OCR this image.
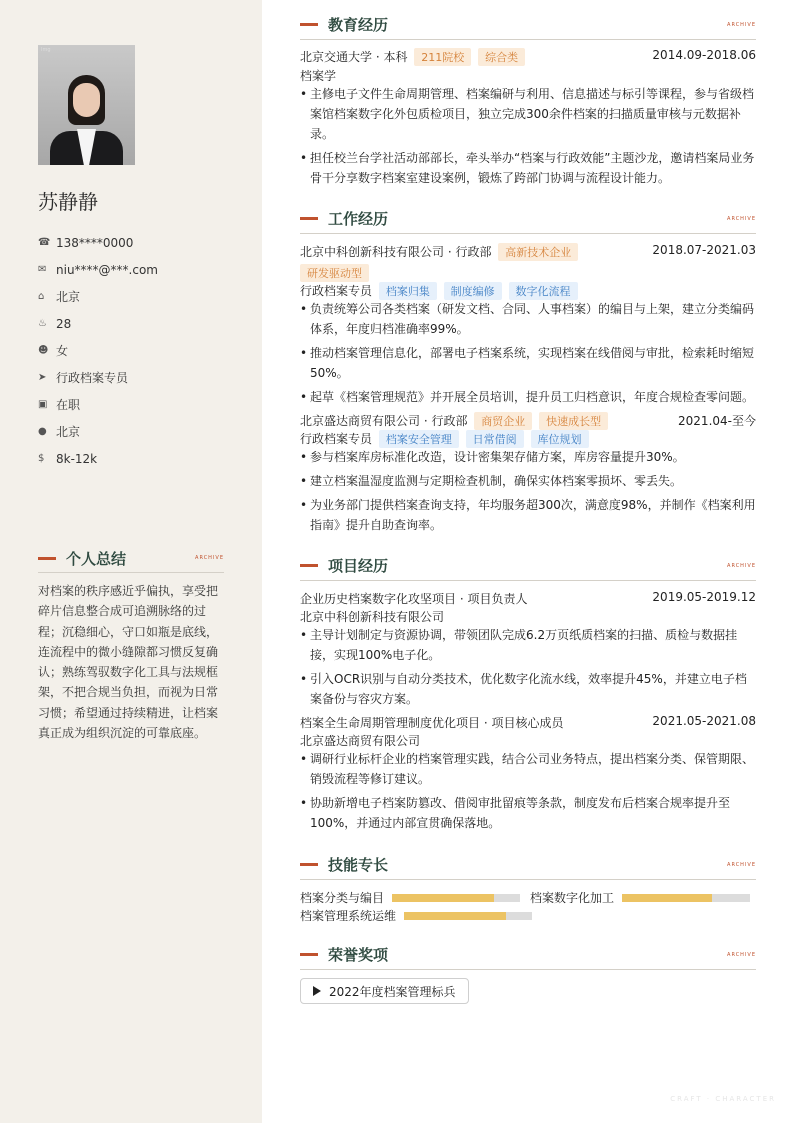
Img
苏静静
☎ 138****0000
✉ niu****@***.com
⌂ 北京
♨ 28
☻ 女
➤ 行政档案专员
▣ 在职
● 北京
$ 8k-12k
个人总结	ARCHIVE

对档案的秩序感近乎偏执，享受把碎片信息整合成可追溯脉络的过程；沉稳细心，守口如瓶是底线，连流程中的微小缝隙都习惯反复确认；熟练驾驭数字化工具与法规框架，不把合规当负担，而视为日常习惯；希望通过持续精进，让档案真正成为组织沉淀的可靠底座。

教育经历	ARCHIVE
北京交通大学 · 本科 211院校 综合类	2014.09-2018.06
档案学
• 主修电子文件生命周期管理、档案编研与利用、信息描述与标引等课程，参与省级档案馆档案数字化外包质检项目，独立完成300余件档案的扫描质量审核与元数据补录。
• 担任校兰台学社活动部部长，牵头举办“档案与行政效能”主题沙龙，邀请档案局业务骨干分享数字档案室建设案例，锻炼了跨部门协调与流程设计能力。
工作经历	ARCHIVE
北京中科创新科技有限公司 · 行政部 高新技术企业	2018.07-2021.03
研发驱动型
行政档案专员 档案归集 制度编修 数字化流程
• 负责统筹公司各类档案（研发文档、合同、人事档案）的编目与上架，建立分类编码体系，年度归档准确率99%。
• 推动档案管理信息化，部署电子档案系统，实现档案在线借阅与审批，检索耗时缩短50%。
• 起草《档案管理规范》并开展全员培训，提升员工归档意识，年度合规检查零问题。
北京盛达商贸有限公司 · 行政部 商贸企业 快速成长型	2021.04-至今
行政档案专员 档案安全管理 日常借阅 库位规划
• 参与档案库房标准化改造，设计密集架存储方案，库房容量提升30%。
• 建立档案温湿度监测与定期检查机制，确保实体档案零损坏、零丢失。
• 为业务部门提供档案查询支持，年均服务超300次，满意度98%，并制作《档案利用指南》提升自助查询率。
项目经历	ARCHIVE
企业历史档案数字化攻坚项目 · 项目负责人	2019.05-2019.12
北京中科创新科技有限公司
• 主导计划制定与资源协调，带领团队完成6.2万页纸质档案的扫描、质检与数据挂接，实现100%电子化。
• 引入OCR识别与自动分类技术，优化数字化流水线，效率提升45%，并建立电子档案备份与容灾方案。
档案全生命周期管理制度优化项目 · 项目核心成员	2021.05-2021.08
北京盛达商贸有限公司
• 调研行业标杆企业的档案管理实践，结合公司业务特点，提出档案分类、保管期限、销毁流程等修订建议。
• 协助新增电子档案防篡改、借阅审批留痕等条款，制度发布后档案合规率提升至100%，并通过内部宣贯确保落地。
技能专长	ARCHIVE
档案分类与编目	档案数字化加工
档案管理系统运维
荣誉奖项	ARCHIVE
2022年度档案管理标兵
CRAFT · CHARACTER
